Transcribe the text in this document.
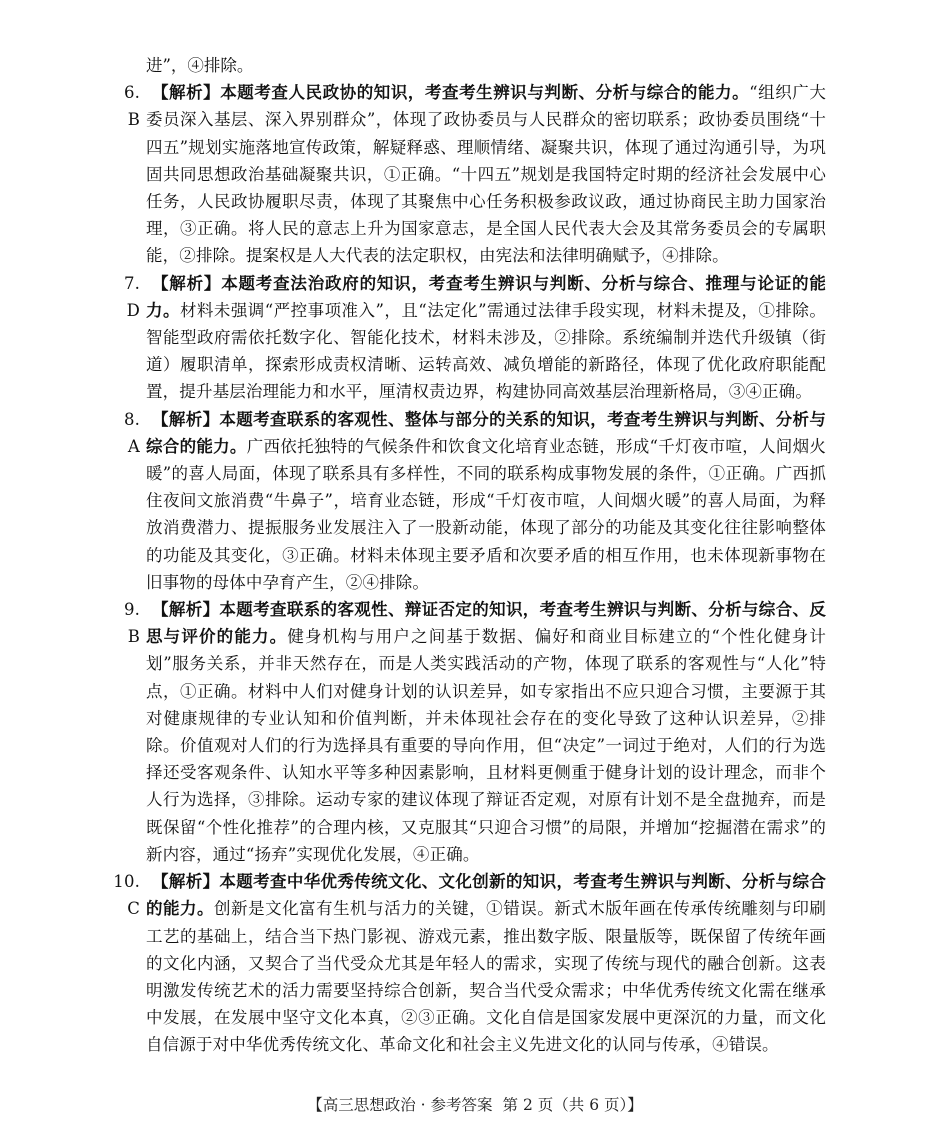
进”，④排除。

6. B
【解析】本题考查人民政协的知识，考查考生辨识与判断、分析与综合的能力。“组织广大委员深入基层、深入界别群众”，体现了政协委员与人民群众的密切联系；政协委员围绕“十四五”规划实施落地宣传政策，解疑释惑、理顺情绪、凝聚共识，体现了通过沟通引导，为巩固共同思想政治基础凝聚共识，①正确。“十四五”规划是我国特定时期的经济社会发展中心任务，人民政协履职尽责，体现了其聚焦中心任务积极参政议政，通过协商民主助力国家治理，③正确。将人民的意志上升为国家意志，是全国人民代表大会及其常务委员会的专属职能，②排除。提案权是人大代表的法定职权，由宪法和法律明确赋予，④排除。
7. D
【解析】本题考查法治政府的知识，考查考生辨识与判断、分析与综合、推理与论证的能力。材料未强调“严控事项准入”，且“法定化”需通过法律手段实现，材料未提及，①排除。智能型政府需依托数字化、智能化技术，材料未涉及，②排除。系统编制并迭代升级镇（街道）履职清单，探索形成责权清晰、运转高效、减负增能的新路径，体现了优化政府职能配置，提升基层治理能力和水平，厘清权责边界，构建协同高效基层治理新格局，③④正确。
8. A
【解析】本题考查联系的客观性、整体与部分的关系的知识，考查考生辨识与判断、分析与综合的能力。广西依托独特的气候条件和饮食文化培育业态链，形成“千灯夜市喧，人间烟火暖”的喜人局面，体现了联系具有多样性，不同的联系构成事物发展的条件，①正确。广西抓住夜间文旅消费“牛鼻子”，培育业态链，形成“千灯夜市喧，人间烟火暖”的喜人局面，为释放消费潜力、提振服务业发展注入了一股新动能，体现了部分的功能及其变化往往影响整体的功能及其变化，③正确。材料未体现主要矛盾和次要矛盾的相互作用，也未体现新事物在旧事物的母体中孕育产生，②④排除。
9. B
【解析】本题考查联系的客观性、辩证否定的知识，考查考生辨识与判断、分析与综合、反思与评价的能力。健身机构与用户之间基于数据、偏好和商业目标建立的“个性化健身计划”服务关系，并非天然存在，而是人类实践活动的产物，体现了联系的客观性与“人化”特点，①正确。材料中人们对健身计划的认识差异，如专家指出不应只迎合习惯，主要源于其对健康规律的专业认知和价值判断，并未体现社会存在的变化导致了这种认识差异，②排除。价值观对人们的行为选择具有重要的导向作用，但“决定”一词过于绝对，人们的行为选择还受客观条件、认知水平等多种因素影响，且材料更侧重于健身计划的设计理念，而非个人行为选择，③排除。运动专家的建议体现了辩证否定观，对原有计划不是全盘抛弃，而是既保留“个性化推荐”的合理内核，又克服其“只迎合习惯”的局限，并增加“挖掘潜在需求”的新内容，通过“扬弃”实现优化发展，④正确。
10. C
【解析】本题考查中华优秀传统文化、文化创新的知识，考查考生辨识与判断、分析与综合的能力。创新是文化富有生机与活力的关键，①错误。新式木版年画在传承传统雕刻与印刷工艺的基础上，结合当下热门影视、游戏元素，推出数字版、限量版等，既保留了传统年画的文化内涵，又契合了当代受众尤其是年轻人的需求，实现了传统与现代的融合创新。这表明激发传统艺术的活力需要坚持综合创新，契合当代受众需求；中华优秀传统文化需在继承中发展，在发展中坚守文化本真，②③正确。文化自信是国家发展中更深沉的力量，而文化自信源于对中华优秀传统文化、革命文化和社会主义先进文化的认同与传承，④错误。
【高三思想政治 · 参考答案 第 2 页（共 6 页）】
